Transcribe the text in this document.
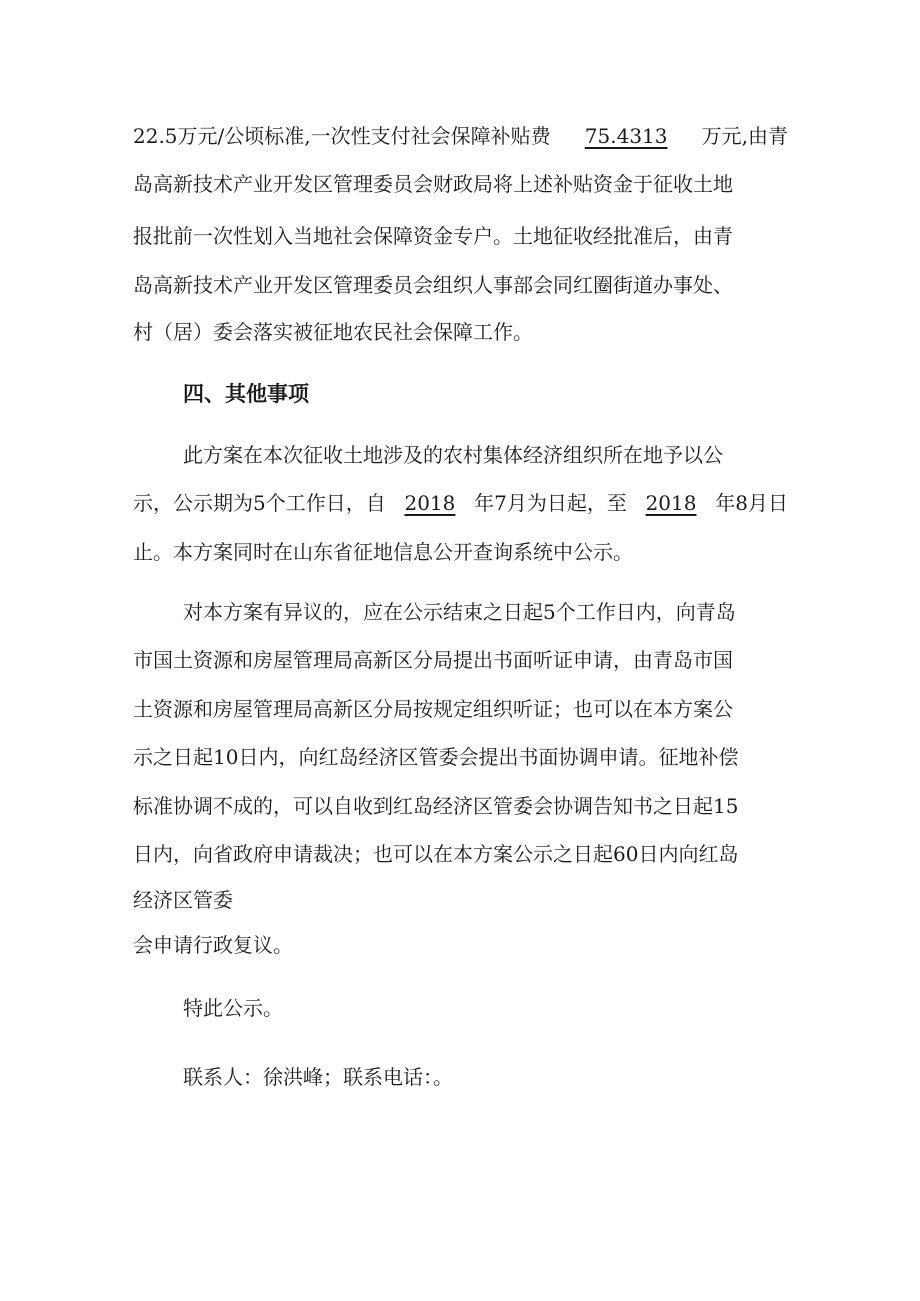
22.5万元/公顷标准,一次性支付社会保障补贴费 75.4313 万元,由青

岛高新技术产业开发区管理委员会财政局将上述补贴资金于征收土地

报批前一次性划入当地社会保障资金专户。土地征收经批准后，由青

岛高新技术产业开发区管理委员会组织人事部会同红圈街道办事处、

村（居）委会落实被征地农民社会保障工作。

四、其他事项

此方案在本次征收土地涉及的农村集体经济组织所在地予以公

示，公示期为5个工作日，自 2018 年7月为日起，至 2018 年8月日

止。本方案同时在山东省征地信息公开查询系统中公示。

对本方案有异议的，应在公示结束之日起5个工作日内，向青岛

市国土资源和房屋管理局高新区分局提出书面听证申请，由青岛市国

土资源和房屋管理局高新区分局按规定组织听证；也可以在本方案公

示之日起10日内，向红岛经济区管委会提出书面协调申请。征地补偿

标准协调不成的，可以自收到红岛经济区管委会协调告知书之日起15

日内，向省政府申请裁决；也可以在本方案公示之日起60日内向红岛

经济区管委

会申请行政复议。

特此公示。

联系人：徐洪峰；联系电话：。
